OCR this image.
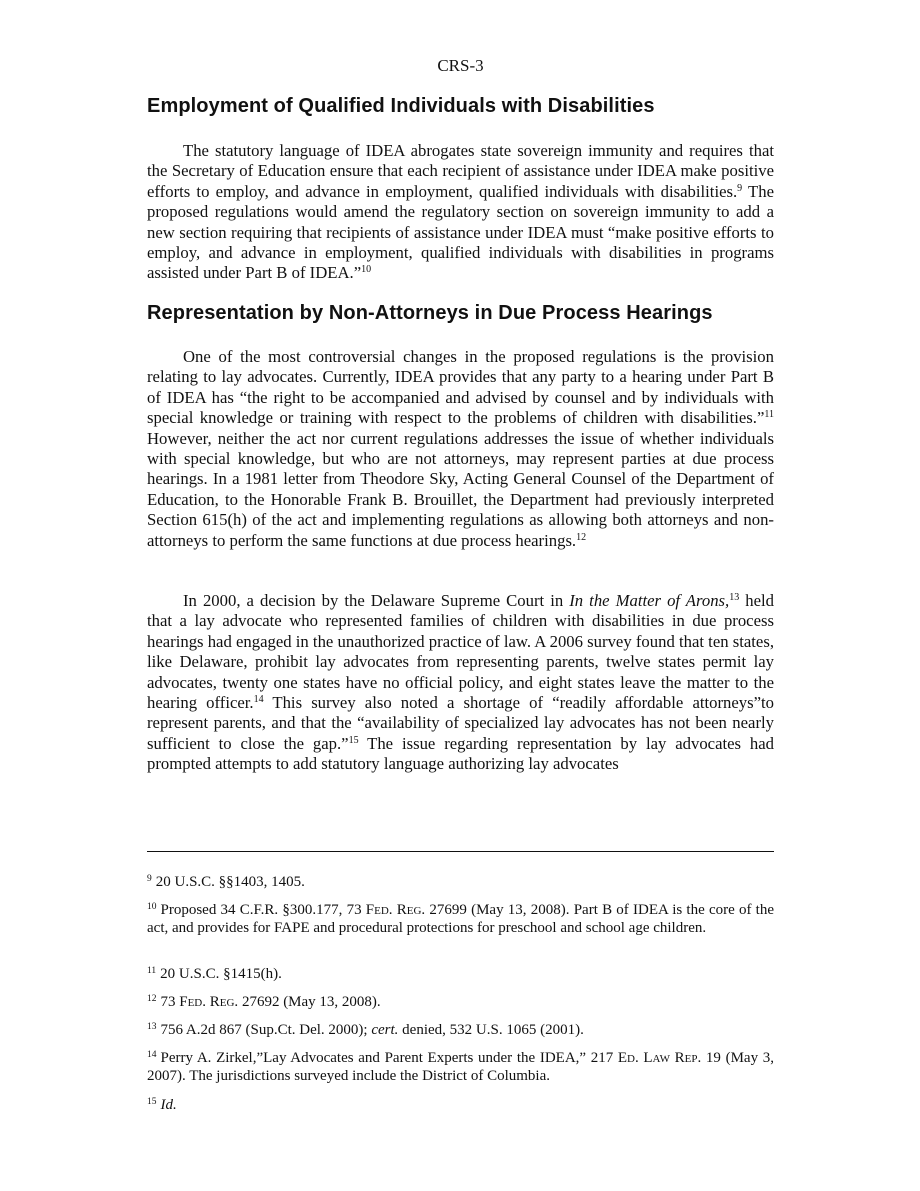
CRS-3
Employment of Qualified Individuals with Disabilities

The statutory language of IDEA abrogates state sovereign immunity and requires that the Secretary of Education ensure that each recipient of assistance under IDEA make positive efforts to employ, and advance in employment, qualified individuals with disabilities.$^9$ The proposed regulations would amend the regulatory section on sovereign immunity to add a new section requiring that recipients of assistance under IDEA must “make positive efforts to employ, and advance in employment, qualified individuals with disabilities in programs assisted under Part B of IDEA.”$^{10}$

Representation by Non-Attorneys in Due Process Hearings

One of the most controversial changes in the proposed regulations is the provision relating to lay advocates. Currently, IDEA provides that any party to a hearing under Part B of IDEA has “the right to be accompanied and advised by counsel and by individuals with special knowledge or training with respect to the problems of children with disabilities.”$^{11}$ However, neither the act nor current regulations addresses the issue of whether individuals with special knowledge, but who are not attorneys, may represent parties at due process hearings. In a 1981 letter from Theodore Sky, Acting General Counsel of the Department of Education, to the Honorable Frank B. Brouillet, the Department had previously interpreted Section 615(h) of the act and implementing regulations as allowing both attorneys and non-attorneys to perform the same functions at due process hearings.$^{12}$

In 2000, a decision by the Delaware Supreme Court in In the Matter of Arons,$^{13}$ held that a lay advocate who represented families of children with disabilities in due process hearings had engaged in the unauthorized practice of law. A 2006 survey found that ten states, like Delaware, prohibit lay advocates from representing parents, twelve states permit lay advocates, twenty one states have no official policy, and eight states leave the matter to the hearing officer.$^{14}$ This survey also noted a shortage of “readily affordable attorneys”to represent parents, and that the “availability of specialized lay advocates has not been nearly sufficient to close the gap.”$^{15}$ The issue regarding representation by lay advocates had prompted attempts to add statutory language authorizing lay advocates

$^9$ 20 U.S.C. §§1403, 1405.

$^{10}$ Proposed 34 C.F.R. §300.177, 73 Fed. Reg. 27699 (May 13, 2008). Part B of IDEA is the core of the act, and provides for FAPE and procedural protections for preschool and school age children.

$^{11}$ 20 U.S.C. §1415(h).

$^{12}$ 73 Fed. Reg. 27692 (May 13, 2008).

$^{13}$ 756 A.2d 867 (Sup.Ct. Del. 2000); cert. denied, 532 U.S. 1065 (2001).

$^{14}$ Perry A. Zirkel,”Lay Advocates and Parent Experts under the IDEA,” 217 Ed. Law Rep. 19 (May 3, 2007). The jurisdictions surveyed include the District of Columbia.

$^{15}$ Id.
